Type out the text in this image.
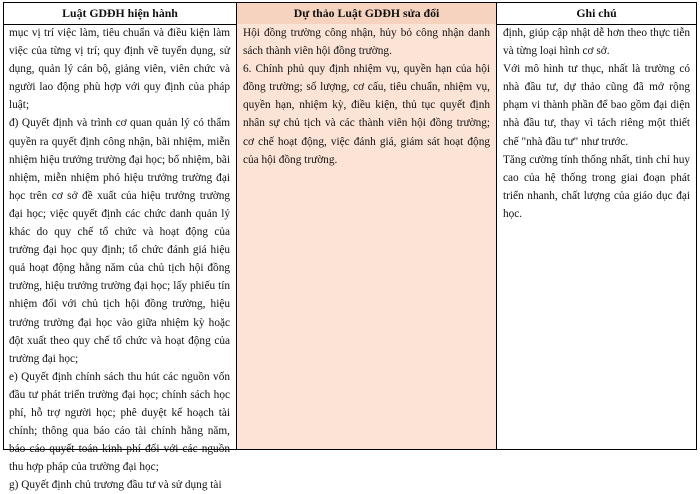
Luật GDĐH hiện hành	Dự thảo Luật GDĐH sửa đổi	Ghi chú

mục vị trí việc làm, tiêu chuẩn và điều kiện làm việc của từng vị trí; quy định về tuyển dụng, sử dụng, quản lý cán bộ, giảng viên, viên chức và người lao động phù hợp với quy định của pháp luật;

đ) Quyết định và trình cơ quan quản lý có thẩm quyền ra quyết định công nhận, bãi nhiệm, miễn nhiệm hiệu trưởng trường đại học; bổ nhiệm, bãi nhiệm, miễn nhiệm phó hiệu trưởng trường đại học trên cơ sở đề xuất của hiệu trưởng trường đại học; việc quyết định các chức danh quản lý khác do quy chế tổ chức và hoạt động của trường đại học quy định; tổ chức đánh giá hiệu quả hoạt động hằng năm của chủ tịch hội đồng trường, hiệu trưởng trường đại học; lấy phiếu tín nhiệm đối với chủ tịch hội đồng trường, hiệu trưởng trường đại học vào giữa nhiệm kỳ hoặc đột xuất theo quy chế tổ chức và hoạt động của trường đại học;

e) Quyết định chính sách thu hút các nguồn vốn đầu tư phát triển trường đại học; chính sách học phí, hỗ trợ người học; phê duyệt kế hoạch tài chính; thông qua báo cáo tài chính hằng năm, báo cáo quyết toán kinh phí đối với các nguồn thu hợp pháp của trường đại học;

g) Quyết định chủ trương đầu tư và sử dụng tài

Hội đồng trường công nhận, hủy bỏ công nhận danh sách thành viên hội đồng trường.

6. Chính phủ quy định nhiệm vụ, quyền hạn của hội đồng trường; số lượng, cơ cấu, tiêu chuẩn, nhiệm vụ, quyền hạn, nhiệm kỳ, điều kiện, thủ tục quyết định nhân sự chủ tịch và các thành viên hội đồng trường; cơ chế hoạt động, việc đánh giá, giám sát hoạt động của hội đồng trường.

định, giúp cập nhật dễ hơn theo thực tiễn và từng loại hình cơ sở.

Với mô hình tư thục, nhất là trường có nhà đầu tư, dự thảo cũng đã mở rộng phạm vi thành phần để bao gồm đại diện nhà đầu tư, thay vì tách riêng một thiết chế "nhà đầu tư" như trước.

Tăng cường tính thống nhất, tinh chỉ huy cao của hệ thống trong giai đoạn phát triển nhanh, chất lượng của giáo dục đại học.
